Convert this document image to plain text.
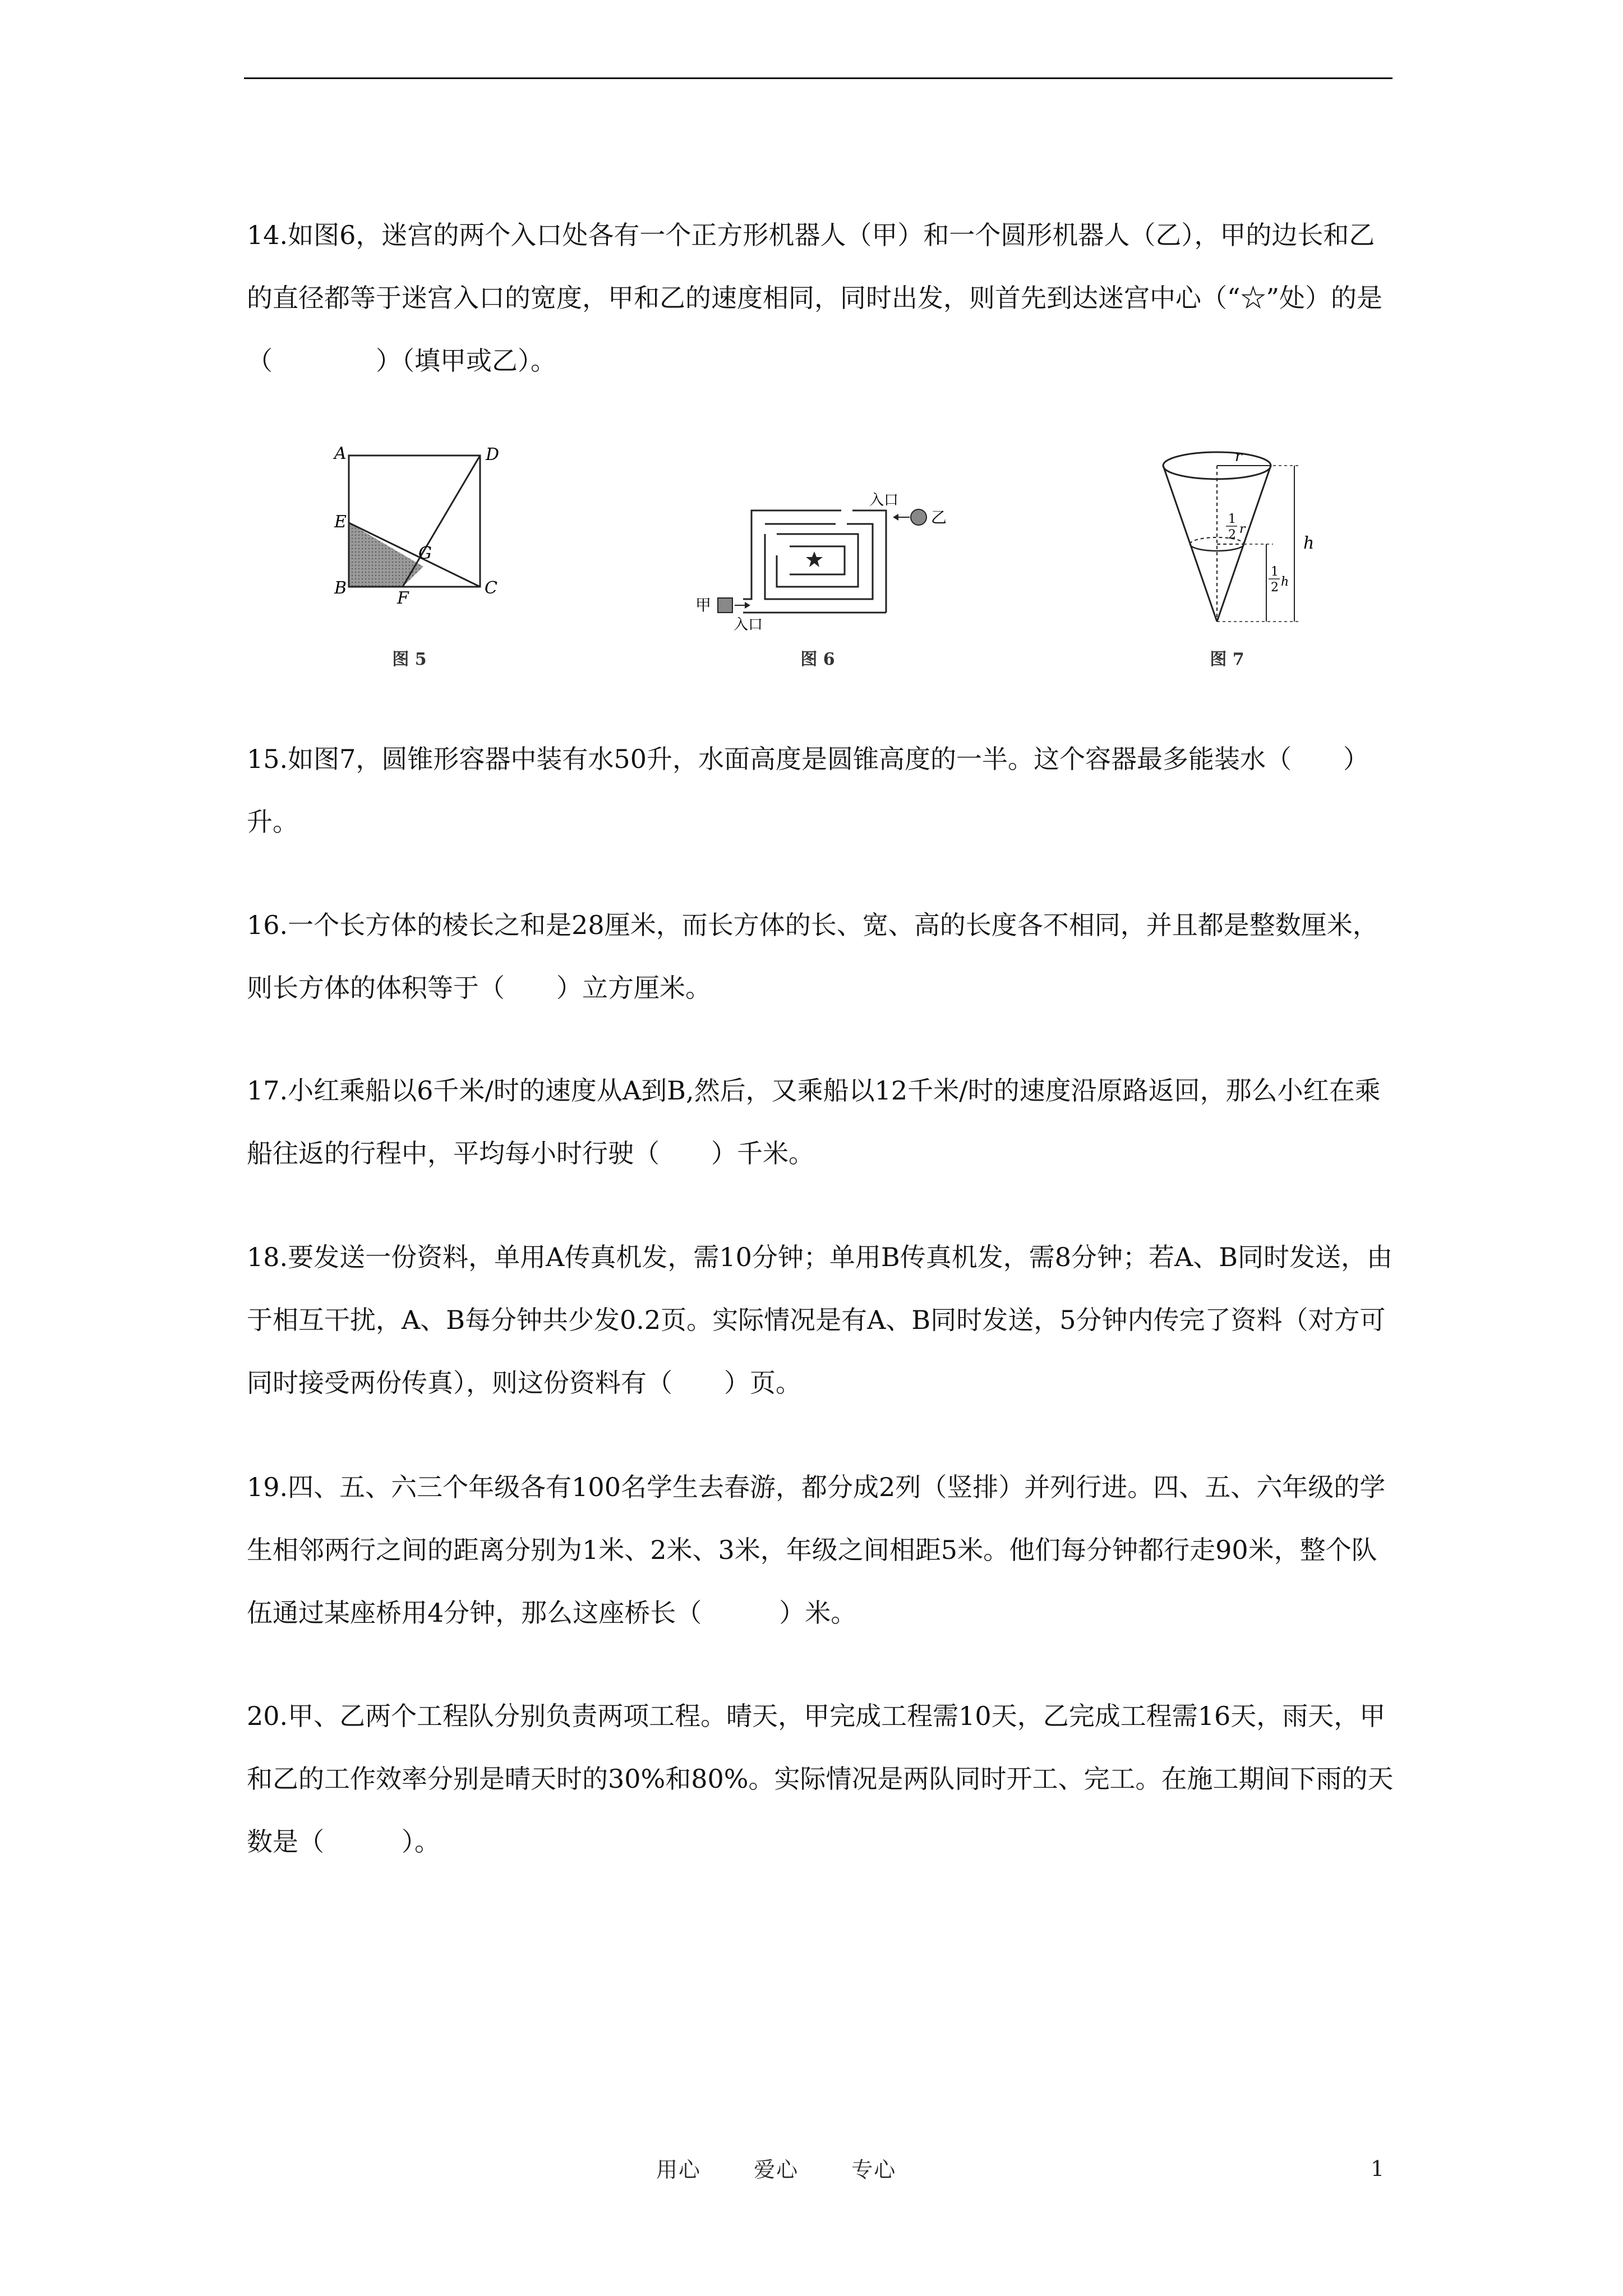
14.如图6，迷宫的两个入口处各有一个正方形机器人（甲）和一个圆形机器人（乙），甲的边长和乙的直径都等于迷宫入口的宽度，甲和乙的速度相同，同时出发，则首先到达迷宫中心（“☆”处）的是（　　　　）（填甲或乙）。

A	D
E
G
B
F
C
图 5
入口
乙
甲
入口
图 6
r
h
1
2 r
1
2 h
图 7

15.如图7，圆锥形容器中装有水50升，水面高度是圆锥高度的一半。这个容器最多能装水（　　）升。

16.一个长方体的棱长之和是28厘米，而长方体的长、宽、高的长度各不相同，并且都是整数厘米，则长方体的体积等于（　　）立方厘米。

17.小红乘船以6千米/时的速度从A到B,然后，又乘船以12千米/时的速度沿原路返回，那么小红在乘船往返的行程中，平均每小时行驶（　　）千米。

18.要发送一份资料，单用A传真机发，需10分钟；单用B传真机发，需8分钟；若A、B同时发送，由于相互干扰，A、B每分钟共少发0.2页。实际情况是有A、B同时发送，5分钟内传完了资料（对方可同时接受两份传真），则这份资料有（　　）页。

19.四、五、六三个年级各有100名学生去春游，都分成2列（竖排）并列行进。四、五、六年级的学生相邻两行之间的距离分别为1米、2米、3米，年级之间相距5米。他们每分钟都行走90米，整个队伍通过某座桥用4分钟，那么这座桥长（　　　）米。

20.甲、乙两个工程队分别负责两项工程。晴天，甲完成工程需10天，乙完成工程需16天，雨天，甲和乙的工作效率分别是晴天时的30%和80%。实际情况是两队同时开工、完工。在施工期间下雨的天数是（　　　）。

用心 爱心 专心	1
